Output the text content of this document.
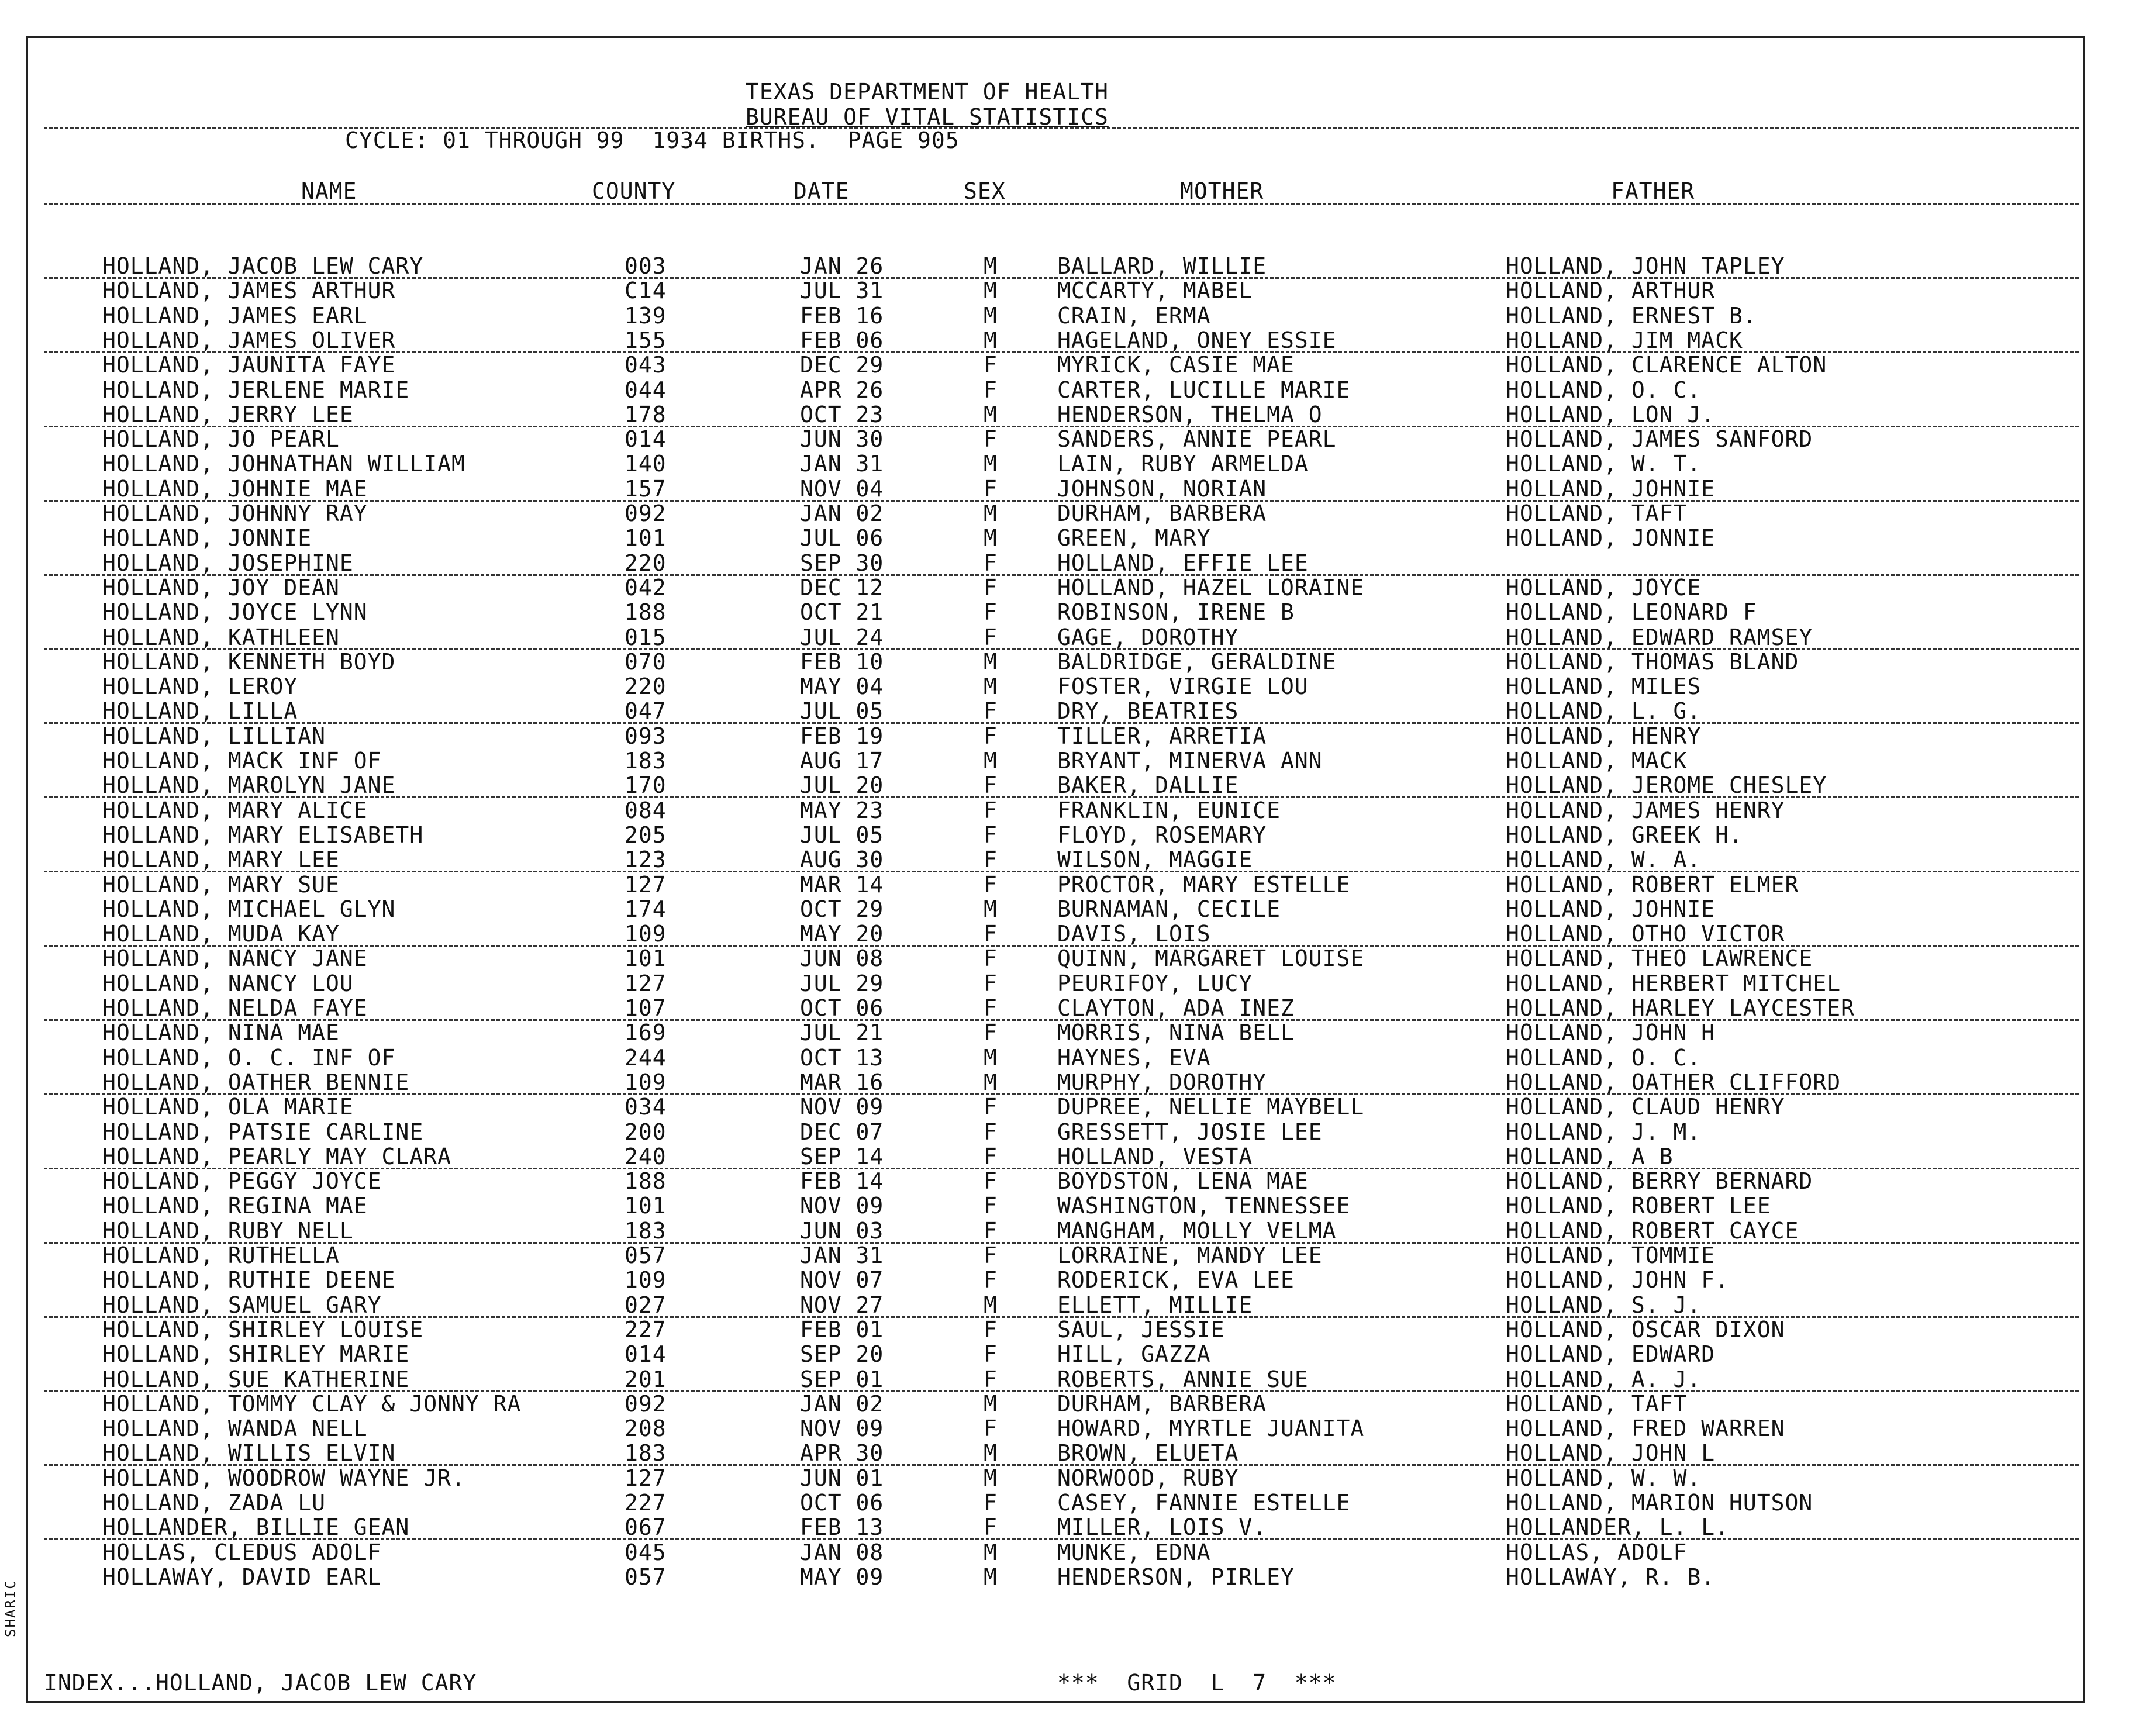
SHARIC
TEXAS DEPARTMENT OF HEALTH
BUREAU OF VITAL STATISTICS
CYCLE: 01 THROUGH 99  1934 BIRTHS.  PAGE 905
NAME	COUNTY	DATE	SEX	MOTHER	FATHER
HOLLAND, JACOB LEW CARY	003	JAN 26	M	BALLARD, WILLIE	HOLLAND, JOHN TAPLEY
HOLLAND, JAMES ARTHUR	C14	JUL 31	M	MCCARTY, MABEL	HOLLAND, ARTHUR
HOLLAND, JAMES EARL	139	FEB 16	M	CRAIN, ERMA	HOLLAND, ERNEST B.
HOLLAND, JAMES OLIVER	155	FEB 06	M	HAGELAND, ONEY ESSIE	HOLLAND, JIM MACK
HOLLAND, JAUNITA FAYE	043	DEC 29	F	MYRICK, CASIE MAE	HOLLAND, CLARENCE ALTON
HOLLAND, JERLENE MARIE	044	APR 26	F	CARTER, LUCILLE MARIE	HOLLAND, O. C.
HOLLAND, JERRY LEE	178	OCT 23	M	HENDERSON, THELMA O	HOLLAND, LON J.
HOLLAND, JO PEARL	014	JUN 30	F	SANDERS, ANNIE PEARL	HOLLAND, JAMES SANFORD
HOLLAND, JOHNATHAN WILLIAM	140	JAN 31	M	LAIN, RUBY ARMELDA	HOLLAND, W. T.
HOLLAND, JOHNIE MAE	157	NOV 04	F	JOHNSON, NORIAN	HOLLAND, JOHNIE
HOLLAND, JOHNNY RAY	092	JAN 02	M	DURHAM, BARBERA	HOLLAND, TAFT
HOLLAND, JONNIE	101	JUL 06	M	GREEN, MARY	HOLLAND, JONNIE
HOLLAND, JOSEPHINE	220	SEP 30	F	HOLLAND, EFFIE LEE
HOLLAND, JOY DEAN	042	DEC 12	F	HOLLAND, HAZEL LORAINE	HOLLAND, JOYCE
HOLLAND, JOYCE LYNN	188	OCT 21	F	ROBINSON, IRENE B	HOLLAND, LEONARD F
HOLLAND, KATHLEEN	015	JUL 24	F	GAGE, DOROTHY	HOLLAND, EDWARD RAMSEY
HOLLAND, KENNETH BOYD	070	FEB 10	M	BALDRIDGE, GERALDINE	HOLLAND, THOMAS BLAND
HOLLAND, LEROY	220	MAY 04	M	FOSTER, VIRGIE LOU	HOLLAND, MILES
HOLLAND, LILLA	047	JUL 05	F	DRY, BEATRIES	HOLLAND, L. G.
HOLLAND, LILLIAN	093	FEB 19	F	TILLER, ARRETIA	HOLLAND, HENRY
HOLLAND, MACK INF OF	183	AUG 17	M	BRYANT, MINERVA ANN	HOLLAND, MACK
HOLLAND, MAROLYN JANE	170	JUL 20	F	BAKER, DALLIE	HOLLAND, JEROME CHESLEY
HOLLAND, MARY ALICE	084	MAY 23	F	FRANKLIN, EUNICE	HOLLAND, JAMES HENRY
HOLLAND, MARY ELISABETH	205	JUL 05	F	FLOYD, ROSEMARY	HOLLAND, GREEK H.
HOLLAND, MARY LEE	123	AUG 30	F	WILSON, MAGGIE	HOLLAND, W. A.
HOLLAND, MARY SUE	127	MAR 14	F	PROCTOR, MARY ESTELLE	HOLLAND, ROBERT ELMER
HOLLAND, MICHAEL GLYN	174	OCT 29	M	BURNAMAN, CECILE	HOLLAND, JOHNIE
HOLLAND, MUDA KAY	109	MAY 20	F	DAVIS, LOIS	HOLLAND, OTHO VICTOR
HOLLAND, NANCY JANE	101	JUN 08	F	QUINN, MARGARET LOUISE	HOLLAND, THEO LAWRENCE
HOLLAND, NANCY LOU	127	JUL 29	F	PEURIFOY, LUCY	HOLLAND, HERBERT MITCHEL
HOLLAND, NELDA FAYE	107	OCT 06	F	CLAYTON, ADA INEZ	HOLLAND, HARLEY LAYCESTER
HOLLAND, NINA MAE	169	JUL 21	F	MORRIS, NINA BELL	HOLLAND, JOHN H
HOLLAND, O. C. INF OF	244	OCT 13	M	HAYNES, EVA	HOLLAND, O. C.
HOLLAND, OATHER BENNIE	109	MAR 16	M	MURPHY, DOROTHY	HOLLAND, OATHER CLIFFORD
HOLLAND, OLA MARIE	034	NOV 09	F	DUPREE, NELLIE MAYBELL	HOLLAND, CLAUD HENRY
HOLLAND, PATSIE CARLINE	200	DEC 07	F	GRESSETT, JOSIE LEE	HOLLAND, J. M.
HOLLAND, PEARLY MAY CLARA	240	SEP 14	F	HOLLAND, VESTA	HOLLAND, A B
HOLLAND, PEGGY JOYCE	188	FEB 14	F	BOYDSTON, LENA MAE	HOLLAND, BERRY BERNARD
HOLLAND, REGINA MAE	101	NOV 09	F	WASHINGTON, TENNESSEE	HOLLAND, ROBERT LEE
HOLLAND, RUBY NELL	183	JUN 03	F	MANGHAM, MOLLY VELMA	HOLLAND, ROBERT CAYCE
HOLLAND, RUTHELLA	057	JAN 31	F	LORRAINE, MANDY LEE	HOLLAND, TOMMIE
HOLLAND, RUTHIE DEENE	109	NOV 07	F	RODERICK, EVA LEE	HOLLAND, JOHN F.
HOLLAND, SAMUEL GARY	027	NOV 27	M	ELLETT, MILLIE	HOLLAND, S. J.
HOLLAND, SHIRLEY LOUISE	227	FEB 01	F	SAUL, JESSIE	HOLLAND, OSCAR DIXON
HOLLAND, SHIRLEY MARIE	014	SEP 20	F	HILL, GAZZA	HOLLAND, EDWARD
HOLLAND, SUE KATHERINE	201	SEP 01	F	ROBERTS, ANNIE SUE	HOLLAND, A. J.
HOLLAND, TOMMY CLAY & JONNY RA	092	JAN 02	M	DURHAM, BARBERA	HOLLAND, TAFT
HOLLAND, WANDA NELL	208	NOV 09	F	HOWARD, MYRTLE JUANITA	HOLLAND, FRED WARREN
HOLLAND, WILLIS ELVIN	183	APR 30	M	BROWN, ELUETA	HOLLAND, JOHN L
HOLLAND, WOODROW WAYNE JR.	127	JUN 01	M	NORWOOD, RUBY	HOLLAND, W. W.
HOLLAND, ZADA LU	227	OCT 06	F	CASEY, FANNIE ESTELLE	HOLLAND, MARION HUTSON
HOLLANDER, BILLIE GEAN	067	FEB 13	F	MILLER, LOIS V.	HOLLANDER, L. L.
HOLLAS, CLEDUS ADOLF	045	JAN 08	M	MUNKE, EDNA	HOLLAS, ADOLF
HOLLAWAY, DAVID EARL	057	MAY 09	M	HENDERSON, PIRLEY	HOLLAWAY, R. B.
INDEX...HOLLAND, JACOB LEW CARY	***  GRID  L  7  ***
